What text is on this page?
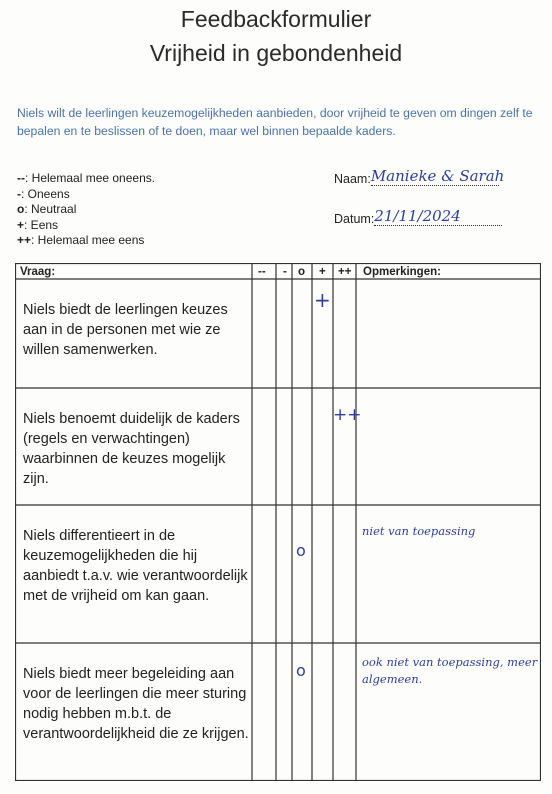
Feedbackformulier
Vrijheid in gebondenheid
Niels wilt de leerlingen keuzemogelijkheden aanbieden, door vrijheid te geven om dingen zelf te bepalen en te beslissen of te doen, maar wel binnen bepaalde kaders.
--: Helemaal mee oneens.
-: Oneens
o: Neutraal
+: Eens
++: Helemaal mee eens
Naam: Manieke & Sarah
Datum: 21/11/2024
Vraag:	-- - o + ++ Opmerkingen:
Niels biedt de leerlingen keuzes aan in de personen met wie ze willen samenwerken.
Niels benoemt duidelijk de kaders (regels en verwachtingen) waarbinnen de keuzes mogelijk zijn.
Niels differentieert in de keuzemogelijkheden die hij aanbiedt t.a.v. wie verantwoordelijk met de vrijheid om kan gaan.
Niels biedt meer begeleiding aan voor de leerlingen die meer sturing nodig hebben m.b.t. de verantwoordelijkheid die ze krijgen.
+
++
o
o
niet van toepassing
ook niet van toepassing, meer algemeen.
